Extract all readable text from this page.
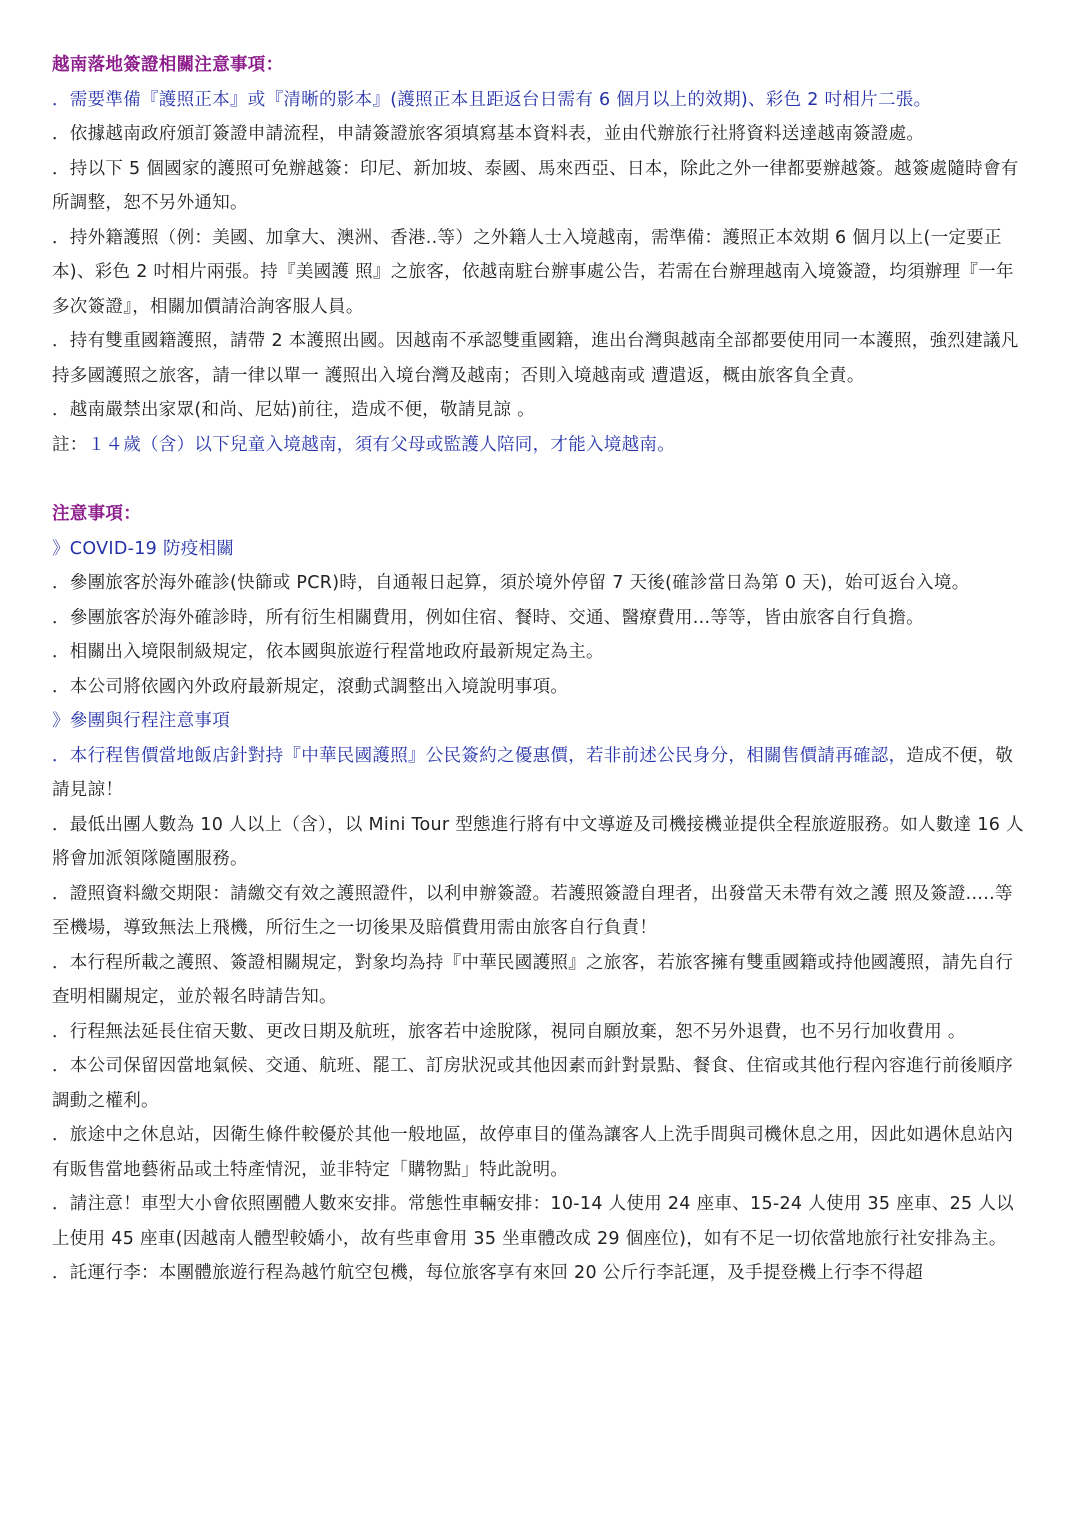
越南落地簽證相關注意事項：

．需要準備『護照正本』或『清晰的影本』(護照正本且距返台日需有 6 個月以上的效期)、彩色 2 吋相片二張。

．依據越南政府頒訂簽證申請流程，申請簽證旅客須填寫基本資料表，並由代辦旅行社將資料送達越南簽證處。

．持以下 5 個國家的護照可免辦越簽：印尼、新加坡、泰國、馬來西亞、日本，除此之外一律都要辦越簽。越簽處隨時會有所調整，恕不另外通知。

．持外籍護照（例：美國、加拿大、澳洲、香港..等）之外籍人士入境越南，需準備：護照正本效期 6 個月以上(一定要正本)、彩色 2 吋相片兩張。持『美國護 照』之旅客，依越南駐台辦事處公告，若需在台辦理越南入境簽證，均須辦理『一年多次簽證』，相關加價請洽詢客服人員。

．持有雙重國籍護照，請帶 2 本護照出國。因越南不承認雙重國籍，進出台灣與越南全部都要使用同一本護照，強烈建議凡持多國護照之旅客，請一律以單一 護照出入境台灣及越南；否則入境越南或 遭遣返，概由旅客負全責。

．越南嚴禁出家眾(和尚、尼姑)前往，造成不便，敬請見諒 。

註：１４歲（含）以下兒童入境越南，須有父母或監護人陪同，才能入境越南。

注意事項：

》COVID-19 防疫相關

．參團旅客於海外確診(快篩或 PCR)時，自通報日起算，須於境外停留 7 天後(確診當日為第 0 天)，始可返台入境。

．參團旅客於海外確診時，所有衍生相關費用，例如住宿、餐時、交通、醫療費用...等等，皆由旅客自行負擔。

．相關出入境限制級規定，依本國與旅遊行程當地政府最新規定為主。

．本公司將依國內外政府最新規定，滾動式調整出入境說明事項。

》參團與行程注意事項

．本行程售價當地飯店針對持『中華民國護照』公民簽約之優惠價，若非前述公民身分，相關售價請再確認，造成不便，敬 請見諒！

．最低出團人數為 10 人以上（含），以 Mini Tour 型態進行將有中文導遊及司機接機並提供全程旅遊服務。如人數達 16 人將會加派領隊隨團服務。

．證照資料繳交期限：請繳交有效之護照證件，以利申辦簽證。若護照簽證自理者，出發當天未帶有效之護 照及簽證.....等至機場，導致無法上飛機，所衍生之一切後果及賠償費用需由旅客自行負責！

．本行程所載之護照、簽證相關規定，對象均為持『中華民國護照』之旅客，若旅客擁有雙重國籍或持他國護照，請先自行查明相關規定，並於報名時請告知。

．行程無法延長住宿天數、更改日期及航班，旅客若中途脫隊，視同自願放棄，恕不另外退費，也不另行加收費用 。

．本公司保留因當地氣候、交通、航班、罷工、訂房狀況或其他因素而針對景點、餐食、住宿或其他行程內容進行前後順序調動之權利。

．旅途中之休息站，因衛生條件較優於其他一般地區，故停車目的僅為讓客人上洗手間與司機休息之用，因此如遇休息站內有販售當地藝術品或土特產情況，並非特定「購物點」特此說明。

．請注意！車型大小會依照團體人數來安排。常態性車輛安排：10-14 人使用 24 座車、15-24 人使用 35 座車、25 人以上使用 45 座車(因越南人體型較嬌小，故有些車會用 35 坐車體改成 29 個座位)，如有不足一切依當地旅行社安排為主。

．託運行李：本團體旅遊行程為越竹航空包機，每位旅客享有來回 20 公斤行李託運，及手提登機上行李不得超
